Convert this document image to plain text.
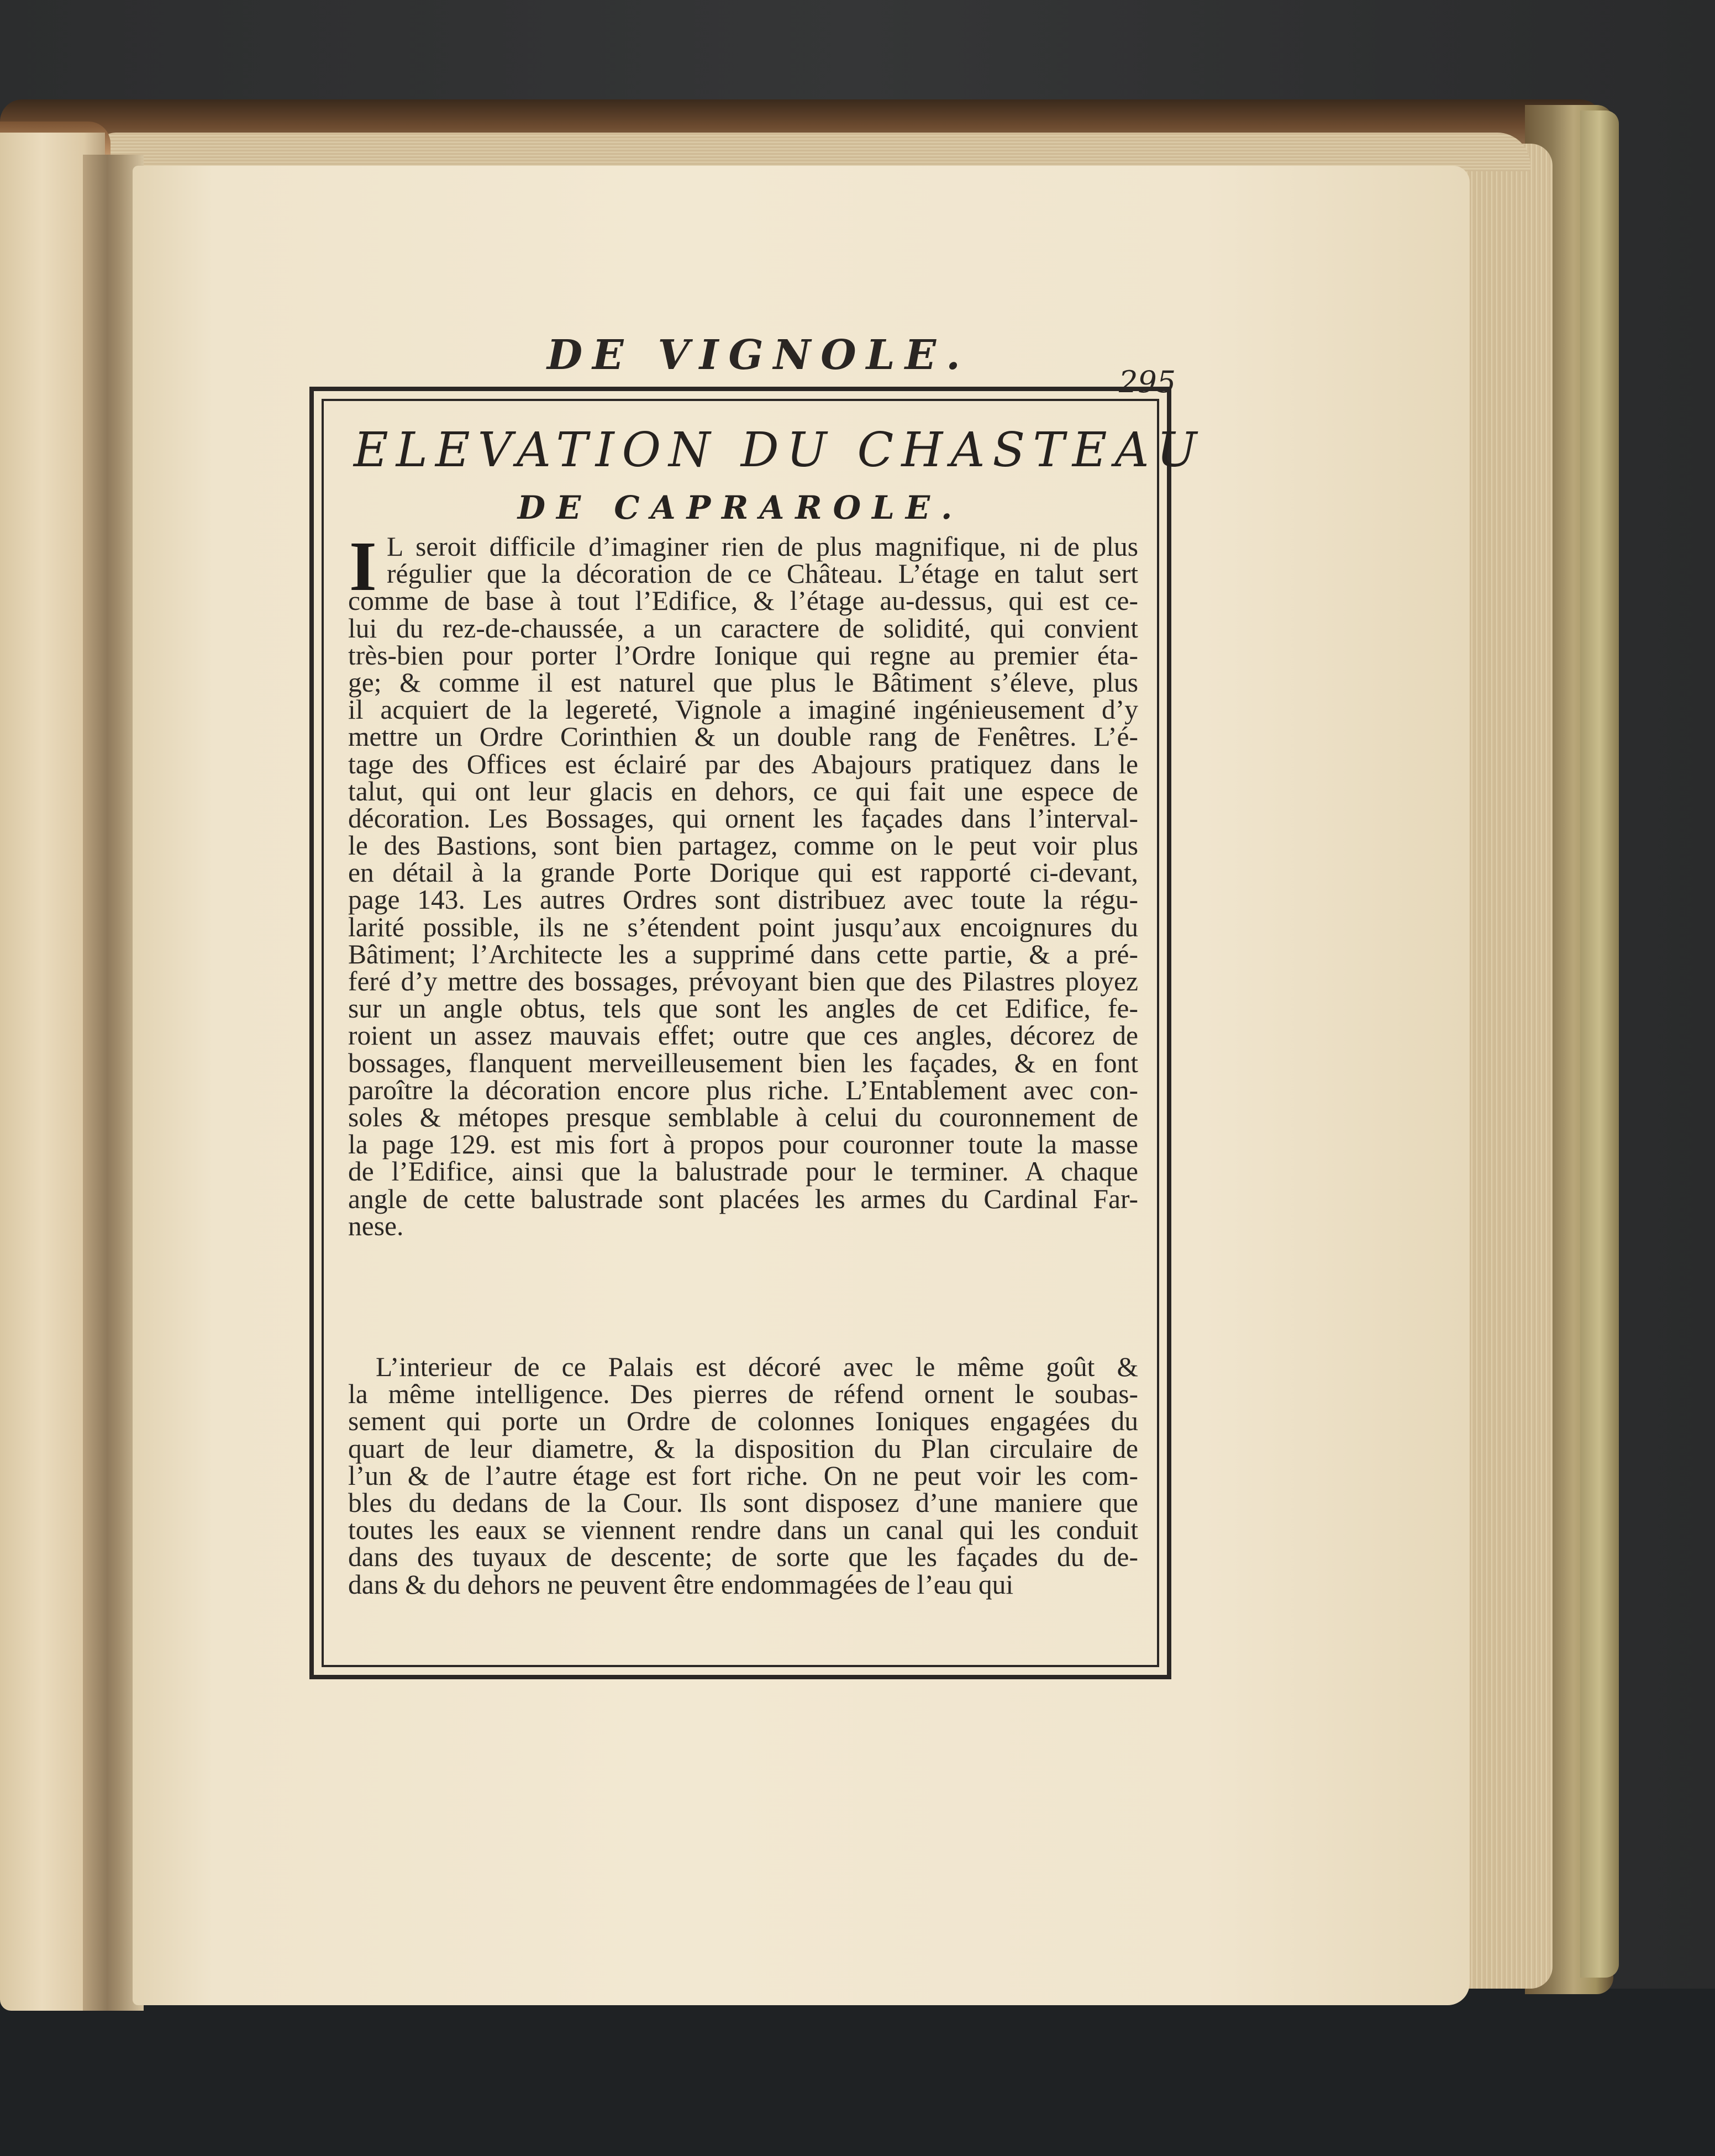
DE VIGNOLE.
295
ELEVATION DU CHASTEAU
DE CAPRAROLE.
I L seroit difficile d’imaginer rien de plus magnifique, ni de plus
régulier que la décoration de ce Château. L’étage en talut sert
comme de base à tout l’Edifice, & l’étage au-dessus, qui est ce-
lui du rez-de-chaussée, a un caractere de solidité, qui convient
très-bien pour porter l’Ordre Ionique qui regne au premier éta-
ge; & comme il est naturel que plus le Bâtiment s’éleve, plus
il acquiert de la legereté, Vignole a imaginé ingénieusement d’y
mettre un Ordre Corinthien & un double rang de Fenêtres. L’é-
tage des Offices est éclairé par des Abajours pratiquez dans le
talut, qui ont leur glacis en dehors, ce qui fait une espece de
décoration. Les Bossages, qui ornent les façades dans l’interval-
le des Bastions, sont bien partagez, comme on le peut voir plus
en détail à la grande Porte Dorique qui est rapporté ci-devant,
page 143. Les autres Ordres sont distribuez avec toute la régu-
larité possible, ils ne s’étendent point jusqu’aux encoignures du
Bâtiment; l’Architecte les a supprimé dans cette partie, & a pré-
feré d’y mettre des bossages, prévoyant bien que des Pilastres ployez
sur un angle obtus, tels que sont les angles de cet Edifice, fe-
roient un assez mauvais effet; outre que ces angles, décorez de
bossages, flanquent merveilleusement bien les façades, & en font
paroître la décoration encore plus riche. L’Entablement avec con-
soles & métopes presque semblable à celui du couronnement de
la page 129. est mis fort à propos pour couronner toute la masse
de l’Edifice, ainsi que la balustrade pour le terminer. A chaque
angle de cette balustrade sont placées les armes du Cardinal Far-
nese.
L’interieur de ce Palais est décoré avec le même goût &
la même intelligence. Des pierres de réfend ornent le soubas-
sement qui porte un Ordre de colonnes Ioniques engagées du
quart de leur diametre, & la disposition du Plan circulaire de
l’un & de l’autre étage est fort riche. On ne peut voir les com-
bles du dedans de la Cour. Ils sont disposez d’une maniere que
toutes les eaux se viennent rendre dans un canal qui les conduit
dans des tuyaux de descente; de sorte que les façades du de-
dans & du dehors ne peuvent être endommagées de l’eau qui
